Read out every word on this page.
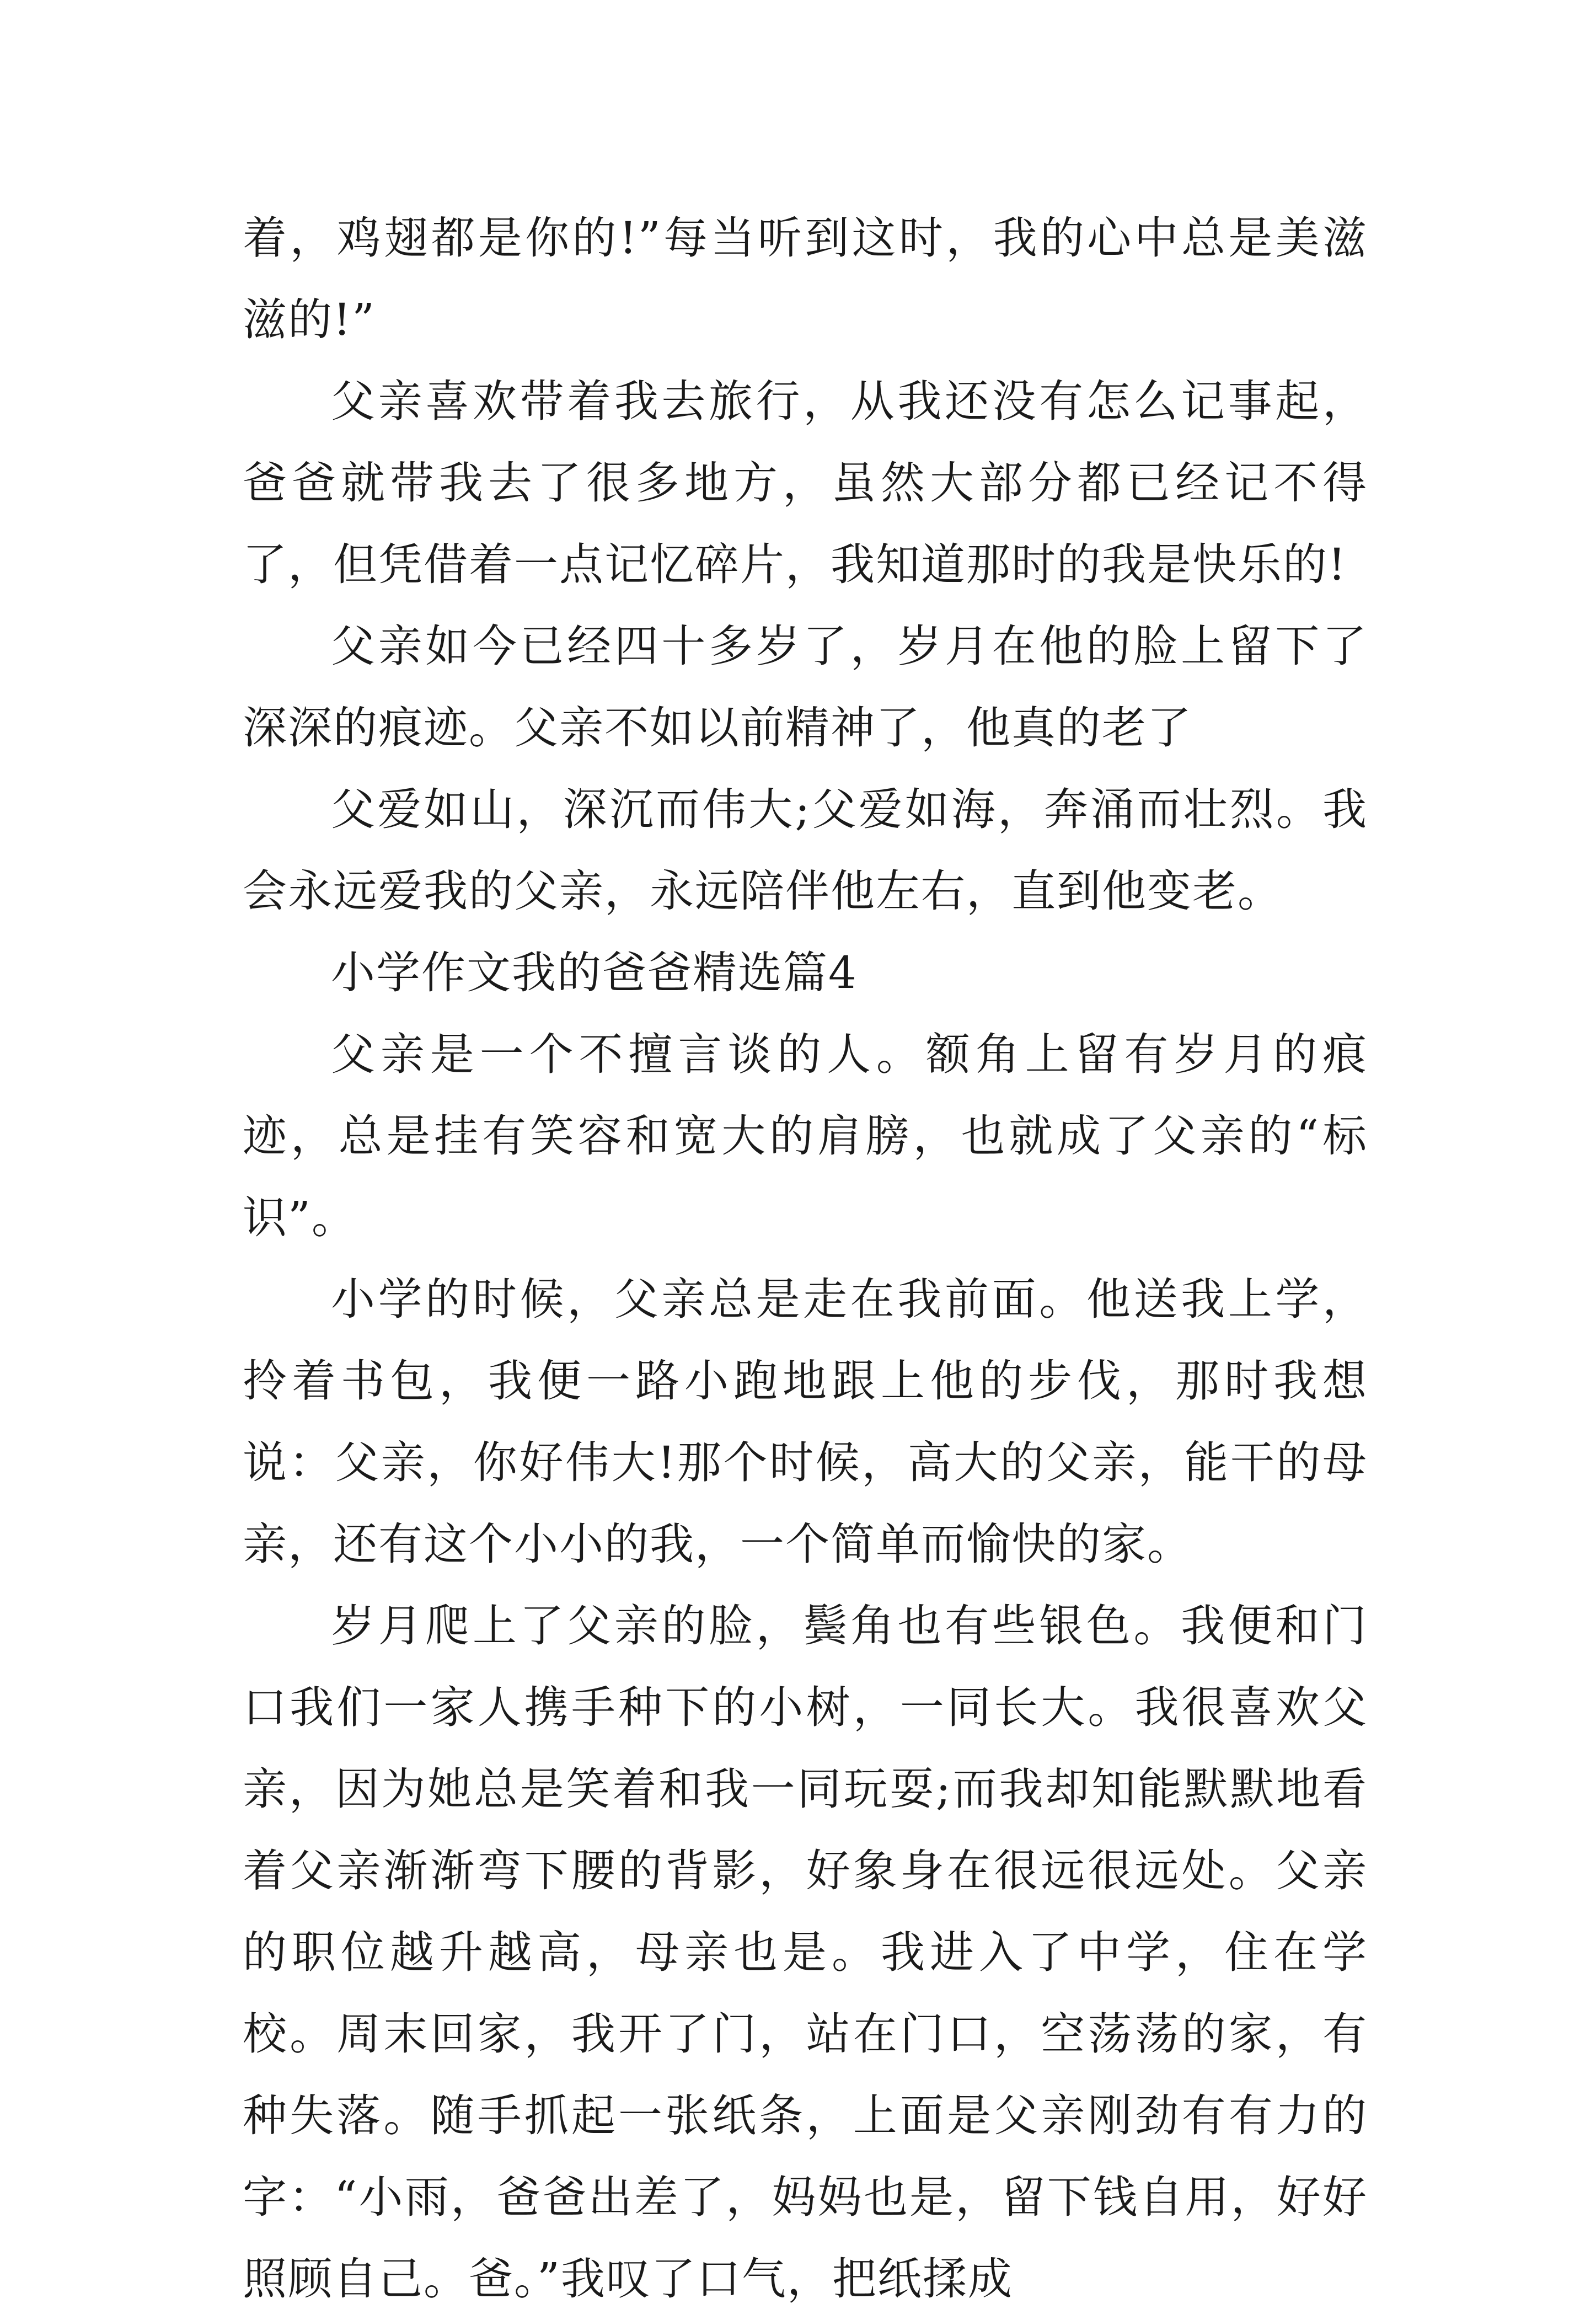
着，鸡翅都是你的!”每当听到这时，我的心中总是美滋滋的!”

父亲喜欢带着我去旅行，从我还没有怎么记事起，爸爸就带我去了很多地方，虽然大部分都已经记不得了，但凭借着一点记忆碎片，我知道那时的我是快乐的!

父亲如今已经四十多岁了，岁月在他的脸上留下了深深的痕迹。父亲不如以前精神了，他真的老了

父爱如山，深沉而伟大;父爱如海，奔涌而壮烈。我会永远爱我的父亲，永远陪伴他左右，直到他变老。

小学作文我的爸爸精选篇4

父亲是一个不擅言谈的人。额角上留有岁月的痕迹，总是挂有笑容和宽大的肩膀，也就成了父亲的“标识”。

小学的时候，父亲总是走在我前面。他送我上学，拎着书包，我便一路小跑地跟上他的步伐，那时我想说：父亲，你好伟大!那个时候，高大的父亲，能干的母亲，还有这个小小的我，一个简单而愉快的家。

岁月爬上了父亲的脸，鬓角也有些银色。我便和门口我们一家人携手种下的小树，一同长大。我很喜欢父亲，因为她总是笑着和我一同玩耍;而我却知能默默地看着父亲渐渐弯下腰的背影，好象身在很远很远处。父亲的职位越升越高，母亲也是。我进入了中学，住在学校。周末回家，我开了门，站在门口，空荡荡的家，有种失落。随手抓起一张纸条，上面是父亲刚劲有有力的字：“小雨，爸爸出差了，妈妈也是，留下钱自用，好好照顾自己。爸。”我叹了口气，把纸揉成
